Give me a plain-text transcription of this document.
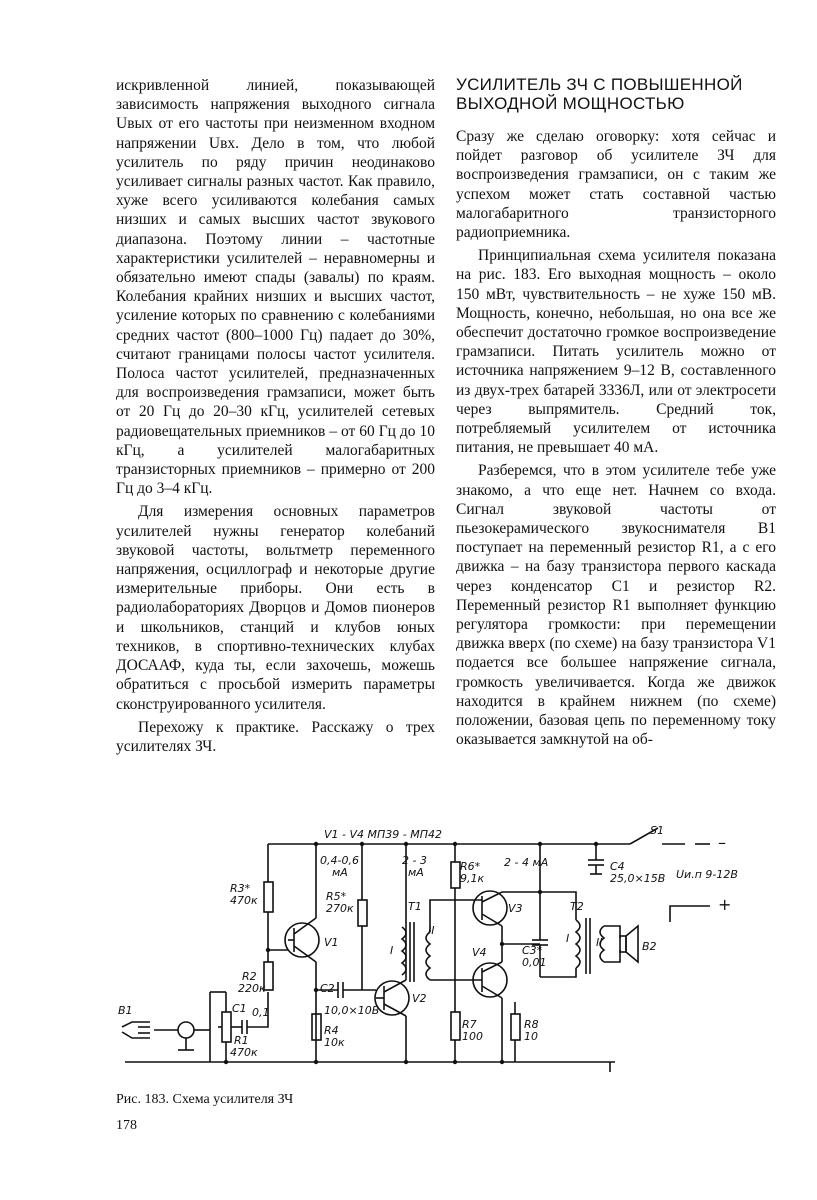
искривленной линией, показывающей зависимость напряжения выходного сигнала Uвых от его частоты при неизменном входном напряжении Uвх. Дело в том, что любой усилитель по ряду причин неодинаково усиливает сигналы разных частот. Как правило, хуже всего усиливаются колебания самых низших и самых высших частот звукового диапазона. Поэтому линии – частотные характеристики усилителей – неравномерны и обязательно имеют спады (завалы) по краям. Колебания крайних низших и высших частот, усиление которых по сравнению с колебаниями средних частот (800–1000 Гц) падает до 30%, считают границами полосы частот усилителя. Полоса частот усилителей, предназначенных для воспроизведения грамзаписи, может быть от 20 Гц до 20–30 кГц, усилителей сетевых радиовещательных приемников – от 60 Гц до 10 кГц, а усилителей малогабаритных транзисторных приемников – примерно от 200 Гц до 3–4 кГц.

Для измерения основных параметров усилителей нужны генератор колебаний звуковой частоты, вольтметр переменного напряжения, осциллограф и некоторые другие измерительные приборы. Они есть в радиолабораториях Дворцов и Домов пионеров и школьников, станций и клубов юных техников, в спортивно-технических клубах ДОСААФ, куда ты, если захочешь, можешь обратиться с просьбой измерить параметры сконструированного усилителя.

Перехожу к практике. Расскажу о трех усилителях ЗЧ.

УСИЛИТЕЛЬ ЗЧ С ПОВЫШЕННОЙ ВЫХОДНОЙ МОЩНОСТЬЮ

Сразу же сделаю оговорку: хотя сейчас и пойдет разговор об усилителе ЗЧ для воспроизведения грамзаписи, он с таким же успехом может стать составной частью малогабаритного транзисторного радиоприемника.

Принципиальная схема усилителя показана на рис. 183. Его выходная мощность – около 150 мВт, чувствительность – не хуже 150 мВ. Мощность, конечно, небольшая, но она все же обеспечит достаточно громкое воспроизведение грамзаписи. Питать усилитель можно от источника напряжением 9–12 В, составленного из двух-трех батарей 3336Л, или от электросети через выпрямитель. Средний ток, потребляемый усилителем от источника питания, не превышает 40 мА.

Разберемся, что в этом усилителе тебе уже знакомо, а что еще нет. Начнем со входа. Сигнал звуковой частоты от пьезокерамического звукоснимателя В1 поступает на переменный резистор R1, а с его движка – на базу транзистора первого каскада через конденсатор С1 и резистор R2. Переменный резистор R1 выполняет функцию регулятора громкости: при перемещении движка вверх (по схеме) на базу транзистора V1 подается все большее напряжение сигнала, громкость увеличивается. Когда же движок находится в крайнем нижнем (по схеме) положении, базовая цепь по переменному току оказывается замкнутой на об-

V1 - V4 МП39 - МП42	S1
–
+
Uи.п 9-12В
R3*
470к
0,4-0,6
мА
R5*
270к
2 - 3
мА	R6*
9,1к
2 - 4 мА	С4
25,0×15В
V1
V2
V3
V4
Т1	Т2
I
II
I II
R2
220к	С2
10,0×10В
С3*
0,01
В1
В2
С1 0,1
R1
470к
R4
10к
R7
100
R8
10
Рис. 183. Схема усилителя ЗЧ
178
